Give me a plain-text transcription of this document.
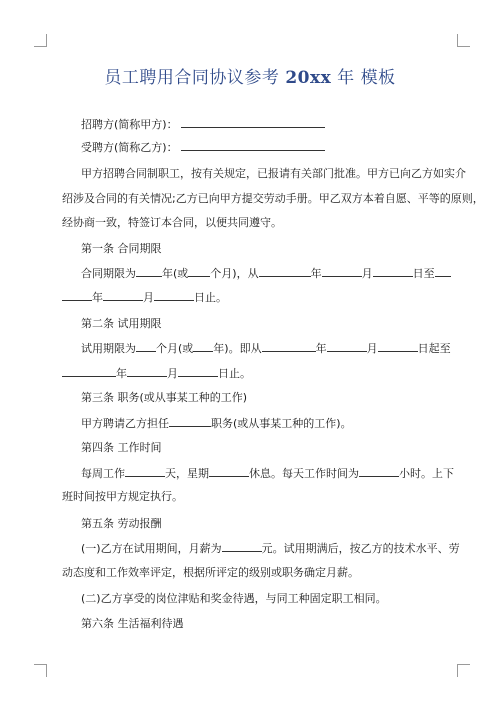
员工聘用合同协议参考 20xx 年 模板
招聘方(简称甲方)：
受聘方(简称乙方)：
甲方招聘合同制职工，按有关规定，已报请有关部门批准。甲方已向乙方如实介
绍涉及合同的有关情况;乙方已向甲方提交劳动手册。甲乙双方本着自愿、平等的原则，
经协商一致，特签订本合同，以便共同遵守。
第一条 合同期限
合同期限为 年(或 个月)，从	年	月	日至
年	月	日止。
第二条 试用期限
试用期限为 个月(或 年)。即从	年	月	日起至
年	月	日止。
第三条 职务(或从事某工种的工作)
甲方聘请乙方担任	职务(或从事某工种的工作)。
第四条 工作时间
每周工作	天，星期	休息。每天工作时间为	小时。上下
班时间按甲方规定执行。
第五条 劳动报酬
(一)乙方在试用期间，月薪为	元。试用期满后，按乙方的技术水平、劳
动态度和工作效率评定，根据所评定的级别或职务确定月薪。
(二)乙方享受的岗位津贴和奖金待遇，与同工种固定职工相同。
第六条 生活福利待遇
